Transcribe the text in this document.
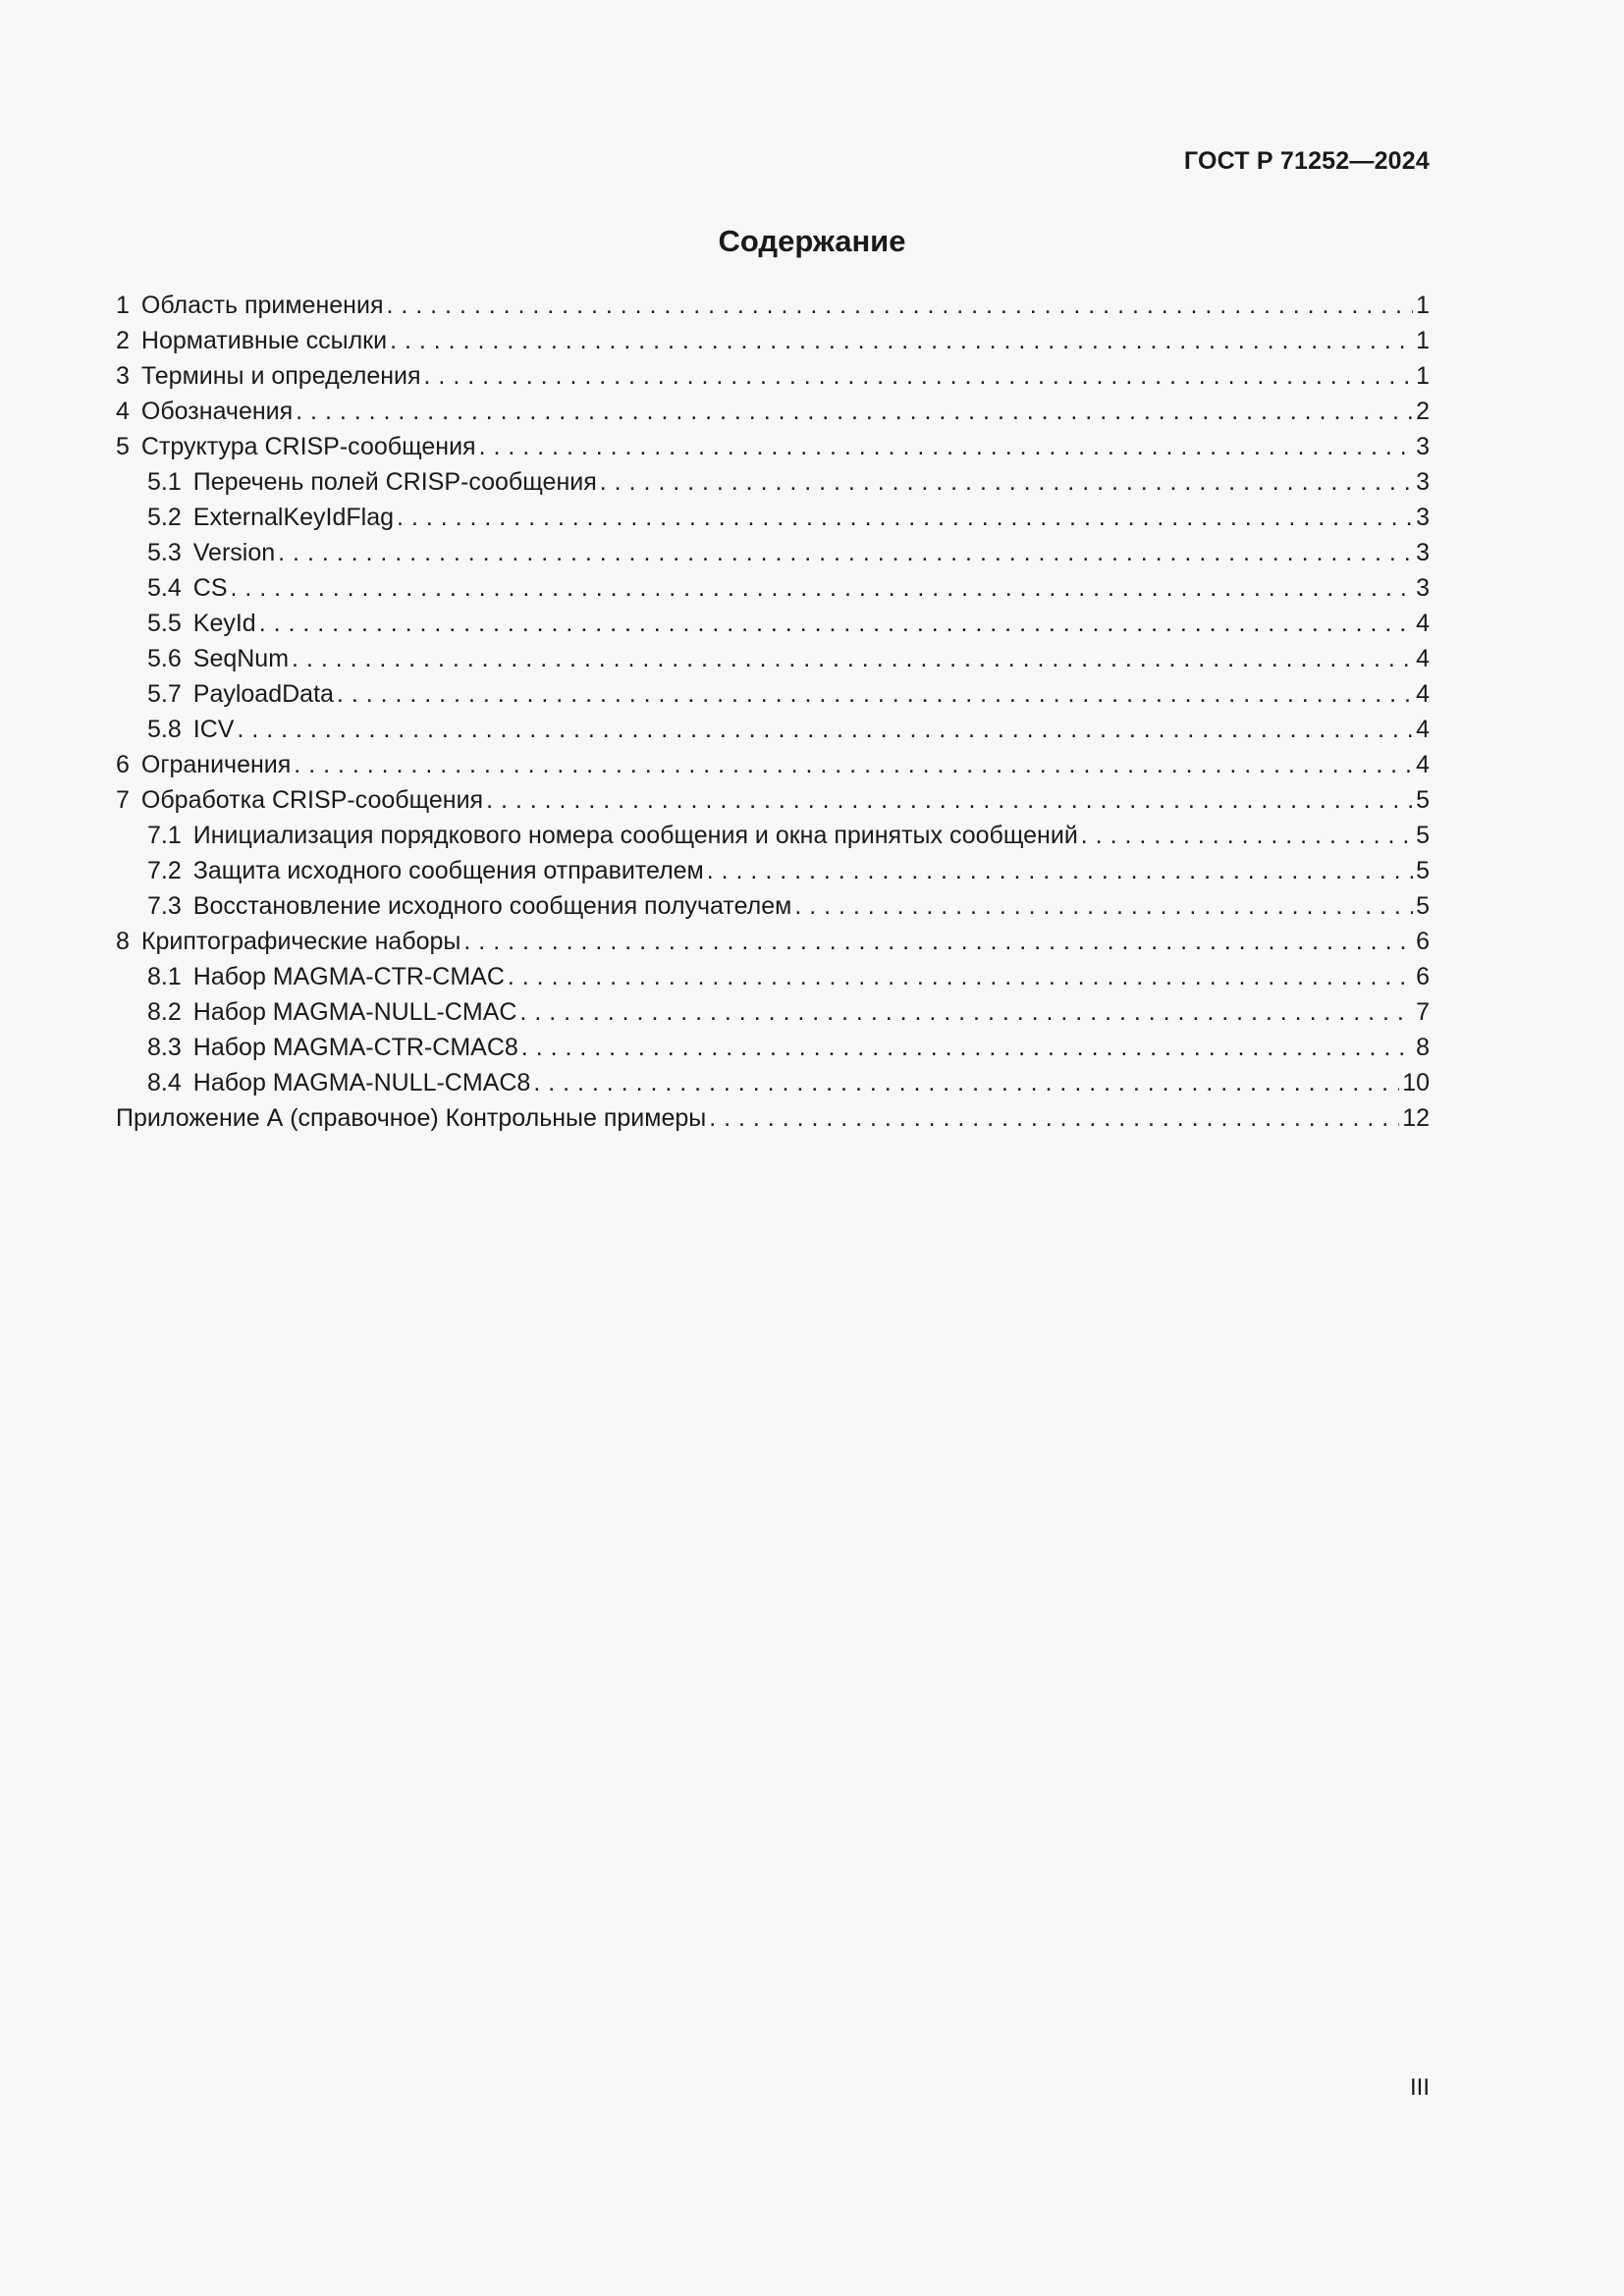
ГОСТ Р 71252—2024
Содержание
1 Область применения . . .	1
2 Нормативные ссылки . . .	1
3 Термины и определения . . .	1
4 Обозначения . . .	2
5 Структура CRISP-сообщения . . .	3
5.1 Перечень полей CRISP-сообщения . . .	3
5.2 ExternalKeyIdFlag . . .	3
5.3 Version . . .	3
5.4 CS . . .	3
5.5 KeyId . . .	4
5.6 SeqNum . . .	4
5.7 PayloadData . . .	4
5.8 ICV . . .	4
6 Ограничения . . .	4
7 Обработка CRISP-сообщения . . .	5
7.1 Инициализация порядкового номера сообщения и окна принятых сообщений . . .	5
7.2 Защита исходного сообщения отправителем . . .	5
7.3 Восстановление исходного сообщения получателем . . .	5
8 Криптографические наборы . . .	6
8.1 Набор MAGMA-CTR-CMAC . . .	6
8.2 Набор MAGMA-NULL-CMAC . . .	7
8.3 Набор MAGMA-CTR-CMAC8 . . .	8
8.4 Набор MAGMA-NULL-CMAC8 . . .	10
Приложение А (справочное) Контрольные примеры . . .	12
III
